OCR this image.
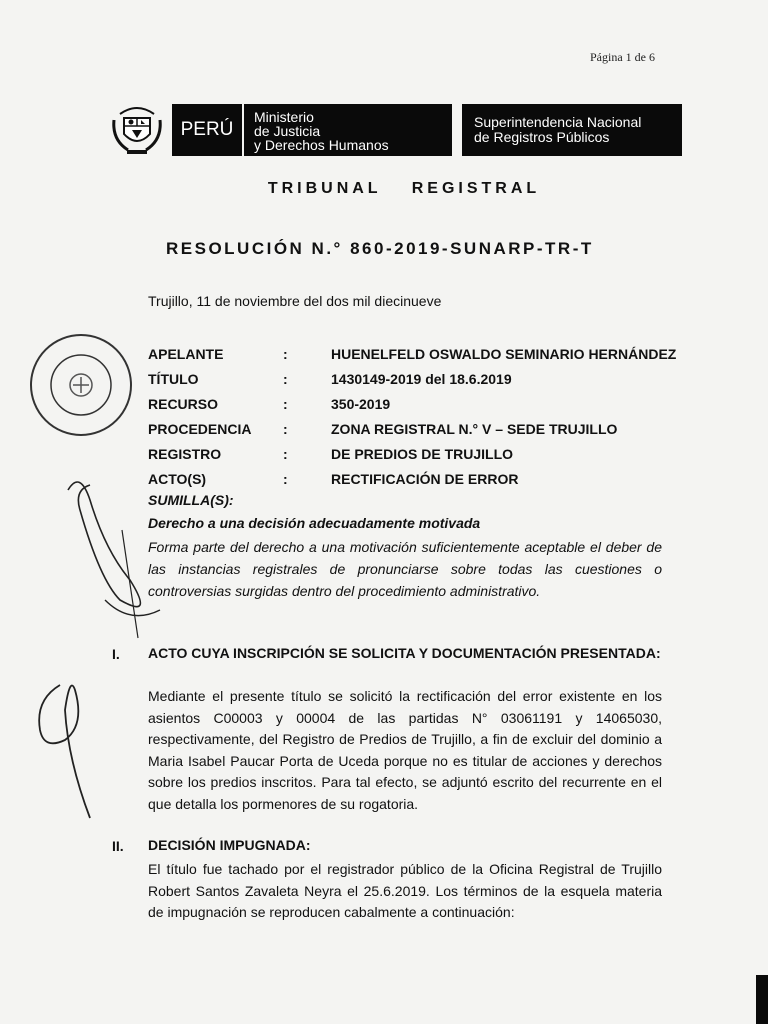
Página 1 de 6
PERÚ
Ministerio
de Justicia
y Derechos Humanos
Superintendencia Nacional
de Registros Públicos
TRIBUNAL REGISTRAL
RESOLUCIÓN N.° 860-2019-SUNARP-TR-T
Trujillo, 11 de noviembre del dos mil diecinueve
APELANTE	:	HUENELFELD OSWALDO SEMINARIO HERNÁNDEZ
TÍTULO	:	1430149-2019 del 18.6.2019
RECURSO	:	350-2019
PROCEDENCIA	:	ZONA REGISTRAL N.° V – SEDE TRUJILLO
REGISTRO	:	DE PREDIOS DE TRUJILLO
ACTO(S)	:	RECTIFICACIÓN DE ERROR
SUMILLA(S):
Derecho a una decisión adecuadamente motivada
Forma parte del derecho a una motivación suficientemente aceptable el deber de las instancias registrales de pronunciarse sobre todas las cuestiones o controversias surgidas dentro del procedimiento administrativo.
I. ACTO CUYA INSCRIPCIÓN SE SOLICITA Y DOCUMENTACIÓN PRESENTADA:
Mediante el presente título se solicitó la rectificación del error existente en los asientos C00003 y 00004 de las partidas N° 03061191 y 14065030, respectivamente, del Registro de Predios de Trujillo, a fin de excluir del dominio a Maria Isabel Paucar Porta de Uceda porque no es titular de acciones y derechos sobre los predios inscritos. Para tal efecto, se adjuntó escrito del recurrente en el que detalla los pormenores de su rogatoria.
II. DECISIÓN IMPUGNADA:
El título fue tachado por el registrador público de la Oficina Registral de Trujillo Robert Santos Zavaleta Neyra el 25.6.2019. Los términos de la esquela materia de impugnación se reproducen cabalmente a continuación:
